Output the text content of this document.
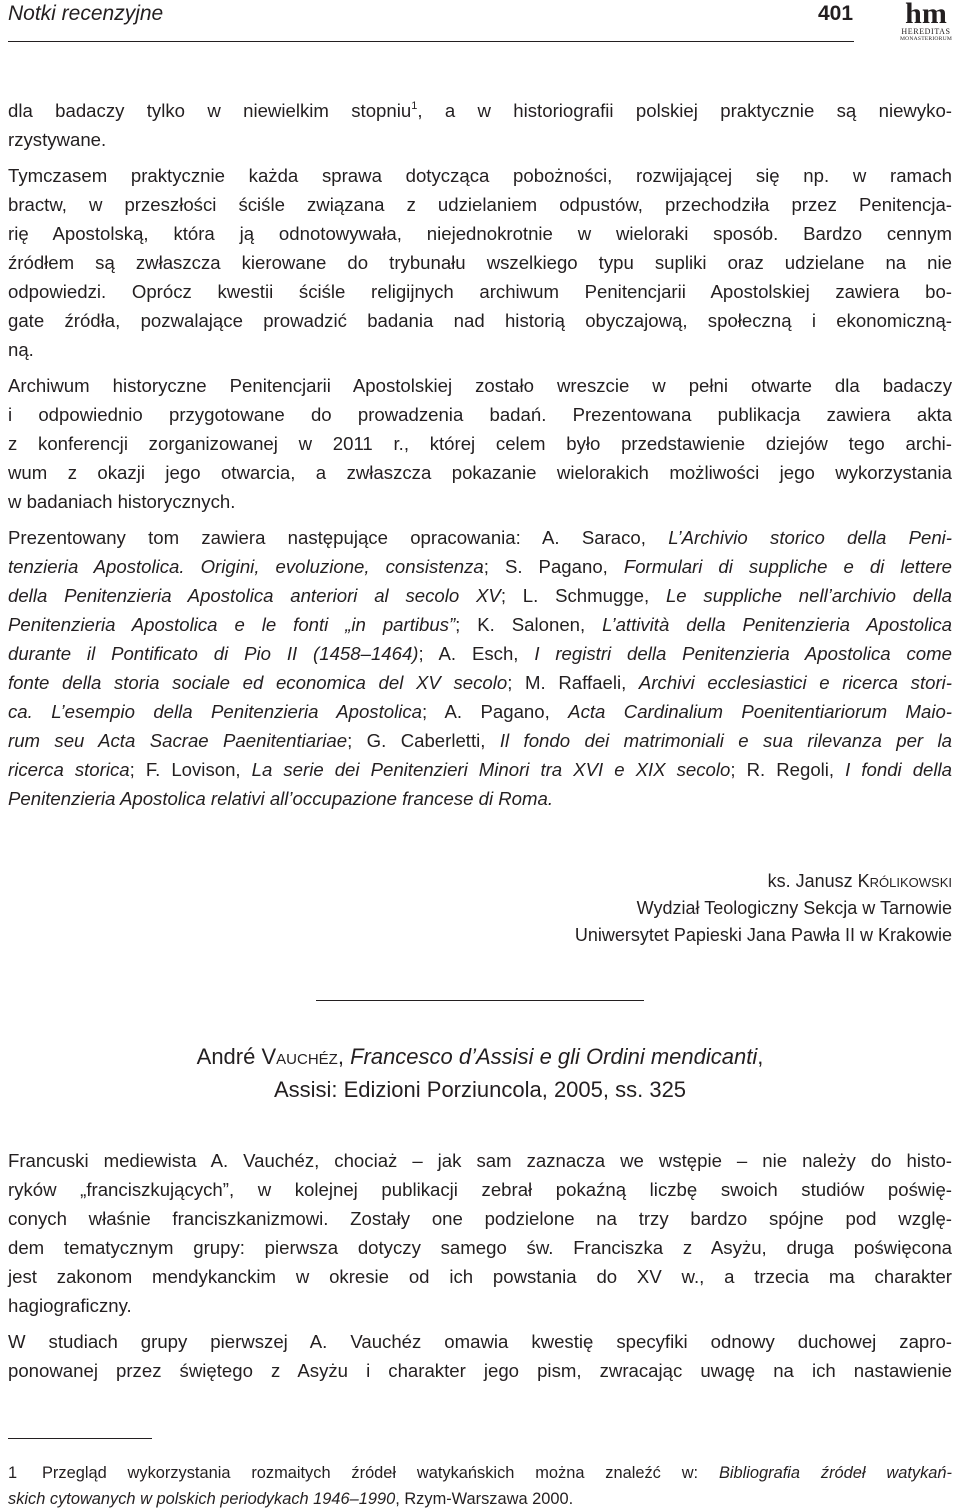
Notki recenzyjne	401 hm
HEREDITAS
MONASTERIORUM
dla badaczy tylko w niewielkim stopniu$^1$, a w historiografii polskiej praktycznie są niewyko-
rzystywane.
Tymczasem praktycznie każda sprawa dotycząca pobożności, rozwijającej się np. w ramach
bractw, w przeszłości ściśle związana z udzielaniem odpustów, przechodziła przez Penitencja-
rię Apostolską, która ją odnotowywała, niejednokrotnie w wieloraki sposób. Bardzo cennym
źródłem są zwłaszcza kierowane do trybunału wszelkiego typu supliki oraz udzielane na nie
odpowiedzi. Oprócz kwestii ściśle religijnych archiwum Penitencjarii Apostolskiej zawiera bo-
gate źródła, pozwalające prowadzić badania nad historią obyczajową, społeczną i ekonomiczną-
ną.
Archiwum historyczne Penitencjarii Apostolskiej zostało wreszcie w pełni otwarte dla badaczy
i odpowiednio przygotowane do prowadzenia badań. Prezentowana publikacja zawiera akta
z konferencji zorganizowanej w 2011 r., której celem było przedstawienie dziejów tego archi-
wum z okazji jego otwarcia, a zwłaszcza pokazanie wielorakich możliwości jego wykorzystania
w badaniach historycznych.
Prezentowany tom zawiera następujące opracowania: A. Saraco, L’Archivio storico della Peni-
tenzieria Apostolica. Origini, evoluzione, consistenza; S. Pagano, Formulari di suppliche e di lettere
della Penitenzieria Apostolica anteriori al secolo XV; L. Schmugge, Le suppliche nell’archivio della
Penitenzieria Apostolica e le fonti „in partibus”; K. Salonen, L’attività della Penitenzieria Apostolica
durante il Pontificato di Pio II (1458–1464); A. Esch, I registri della Penitenzieria Apostolica come
fonte della storia sociale ed economica del XV secolo; M. Raffaeli, Archivi ecclesiastici e ricerca stori-
ca. L’esempio della Penitenzieria Apostolica; A. Pagano, Acta Cardinalium Poenitentiariorum Maio-
rum seu Acta Sacrae Paenitentiariae; G. Caberletti, Il fondo dei matrimoniali e sua rilevanza per la
ricerca storica; F. Lovison, La serie dei Penitenzieri Minori tra XVI e XIX secolo; R. Regoli, I fondi della
Penitenzieria Apostolica relativi all’occupazione francese di Roma.
ks. Janusz Królikowski
Wydział Teologiczny Sekcja w Tarnowie
Uniwersytet Papieski Jana Pawła II w Krakowie
André Vauchéz, Francesco d’Assisi e gli Ordini mendicanti,
Assisi: Edizioni Porziuncola, 2005, ss. 325
Francuski mediewista A. Vauchéz, chociaż – jak sam zaznacza we wstępie – nie należy do histo-
ryków „franciszkujących”, w kolejnej publikacji zebrał pokaźną liczbę swoich studiów poświę-
conych właśnie franciszkanizmowi. Zostały one podzielone na trzy bardzo spójne pod wzglę-
dem tematycznym grupy: pierwsza dotyczy samego św. Franciszka z Asyżu, druga poświęcona
jest zakonom mendykanckim w okresie od ich powstania do XV w., a trzecia ma charakter
hagiograficzny.
W studiach grupy pierwszej A. Vauchéz omawia kwestię specyfiki odnowy duchowej zapro-
ponowanej przez świętego z Asyżu i charakter jego pism, zwracając uwagę na ich nastawienie
1 Przegląd wykorzystania rozmaitych źródeł watykańskich można znaleźć w: Bibliografia źródeł watykań-
skich cytowanych w polskich periodykach 1946–1990, Rzym-Warszawa 2000.
